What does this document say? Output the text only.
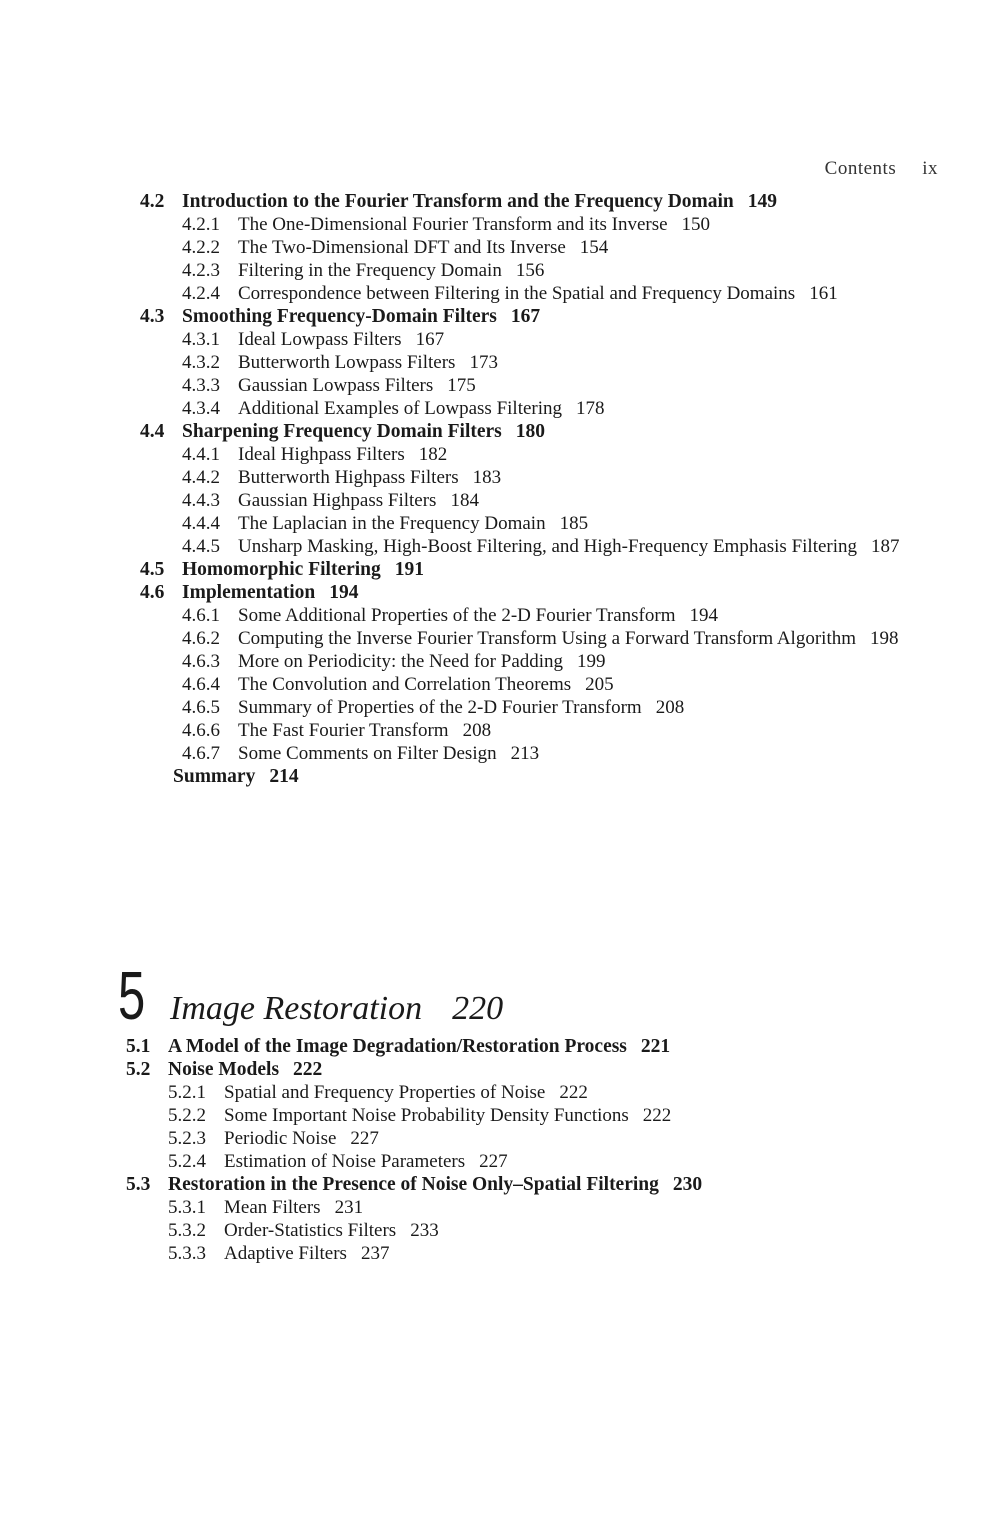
Contents ix
4.2 Introduction to the Fourier Transform and the Frequency Domain 149
4.2.1 The One-Dimensional Fourier Transform and its Inverse 150
4.2.2 The Two-Dimensional DFT and Its Inverse 154
4.2.3 Filtering in the Frequency Domain 156
4.2.4 Correspondence between Filtering in the Spatial and Frequency Domains 161
4.3 Smoothing Frequency-Domain Filters 167
4.3.1 Ideal Lowpass Filters 167
4.3.2 Butterworth Lowpass Filters 173
4.3.3 Gaussian Lowpass Filters 175
4.3.4 Additional Examples of Lowpass Filtering 178
4.4 Sharpening Frequency Domain Filters 180
4.4.1 Ideal Highpass Filters 182
4.4.2 Butterworth Highpass Filters 183
4.4.3 Gaussian Highpass Filters 184
4.4.4 The Laplacian in the Frequency Domain 185
4.4.5 Unsharp Masking, High-Boost Filtering, and High-Frequency Emphasis Filtering 187
4.5 Homomorphic Filtering 191
4.6 Implementation 194
4.6.1 Some Additional Properties of the 2-D Fourier Transform 194
4.6.2 Computing the Inverse Fourier Transform Using a Forward Transform Algorithm 198
4.6.3 More on Periodicity: the Need for Padding 199
4.6.4 The Convolution and Correlation Theorems 205
4.6.5 Summary of Properties of the 2-D Fourier Transform 208
4.6.6 The Fast Fourier Transform 208
4.6.7 Some Comments on Filter Design 213
Summary 214
5 Image Restoration 220
5.1 A Model of the Image Degradation/Restoration Process 221
5.2 Noise Models 222
5.2.1 Spatial and Frequency Properties of Noise 222
5.2.2 Some Important Noise Probability Density Functions 222
5.2.3 Periodic Noise 227
5.2.4 Estimation of Noise Parameters 227
5.3 Restoration in the Presence of Noise Only–Spatial Filtering 230
5.3.1 Mean Filters 231
5.3.2 Order-Statistics Filters 233
5.3.3 Adaptive Filters 237
